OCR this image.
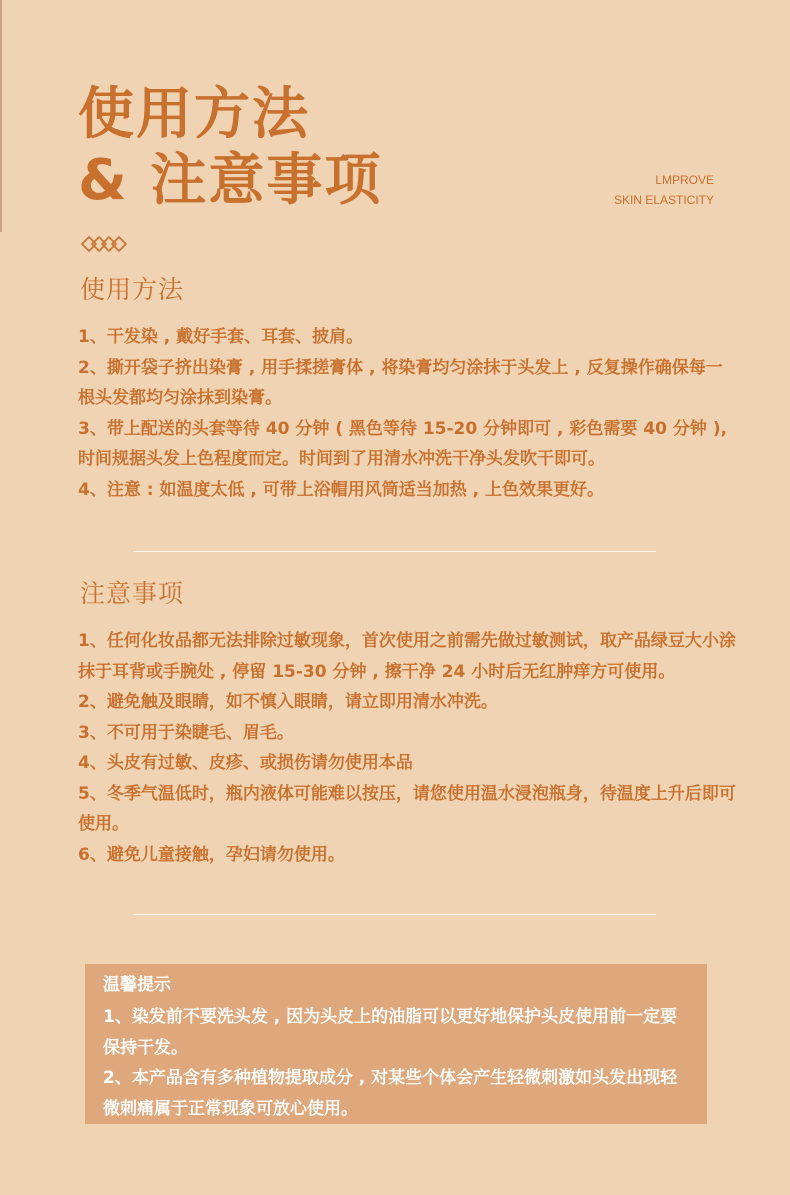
使用方法
& 注意事项	LMPROVE
SKIN ELASTICITY
使用方法
1、干发染 , 戴好手套、耳套、披肩。
2、撕开袋子挤出染膏 , 用手揉搓膏体 , 将染膏均匀涂抹于头发上 , 反复操作确保每一根头发都均匀涂抹到染膏。
3、带上配送的头套等待 40 分钟 ( 黑色等待 15-20 分钟即可 , 彩色需要 40 分钟 ), 时间规据头发上色程度而定。时间到了用清水冲洗干净头发吹干即可。
4、注意 : 如温度太低 , 可带上浴帽用风筒适当加热 , 上色效果更好。
注意事项
1、任何化妆品都无法排除过敏现象，首次使用之前需先做过敏测试，取产品绿豆大小涂抹于耳背或手腕处 , 停留 15-30 分钟 , 擦干净 24 小时后无红肿痒方可使用。
2、避免触及眼睛，如不慎入眼睛，请立即用清水冲洗。
3、不可用于染睫毛、眉毛。
4、头皮有过敏、皮疹、或损伤请勿使用本品
5、冬季气温低时，瓶内液体可能难以按压，请您使用温水浸泡瓶身，待温度上升后即可使用。
6、避免儿童接触，孕妇请勿使用。
温馨提示
1、染发前不要洗头发 , 因为头皮上的油脂可以更好地保护头皮使用前一定要保持干发。
2、本产品含有多种植物提取成分 , 对某些个体会产生轻微刺激如头发出现轻微刺痛属于正常现象可放心使用。
